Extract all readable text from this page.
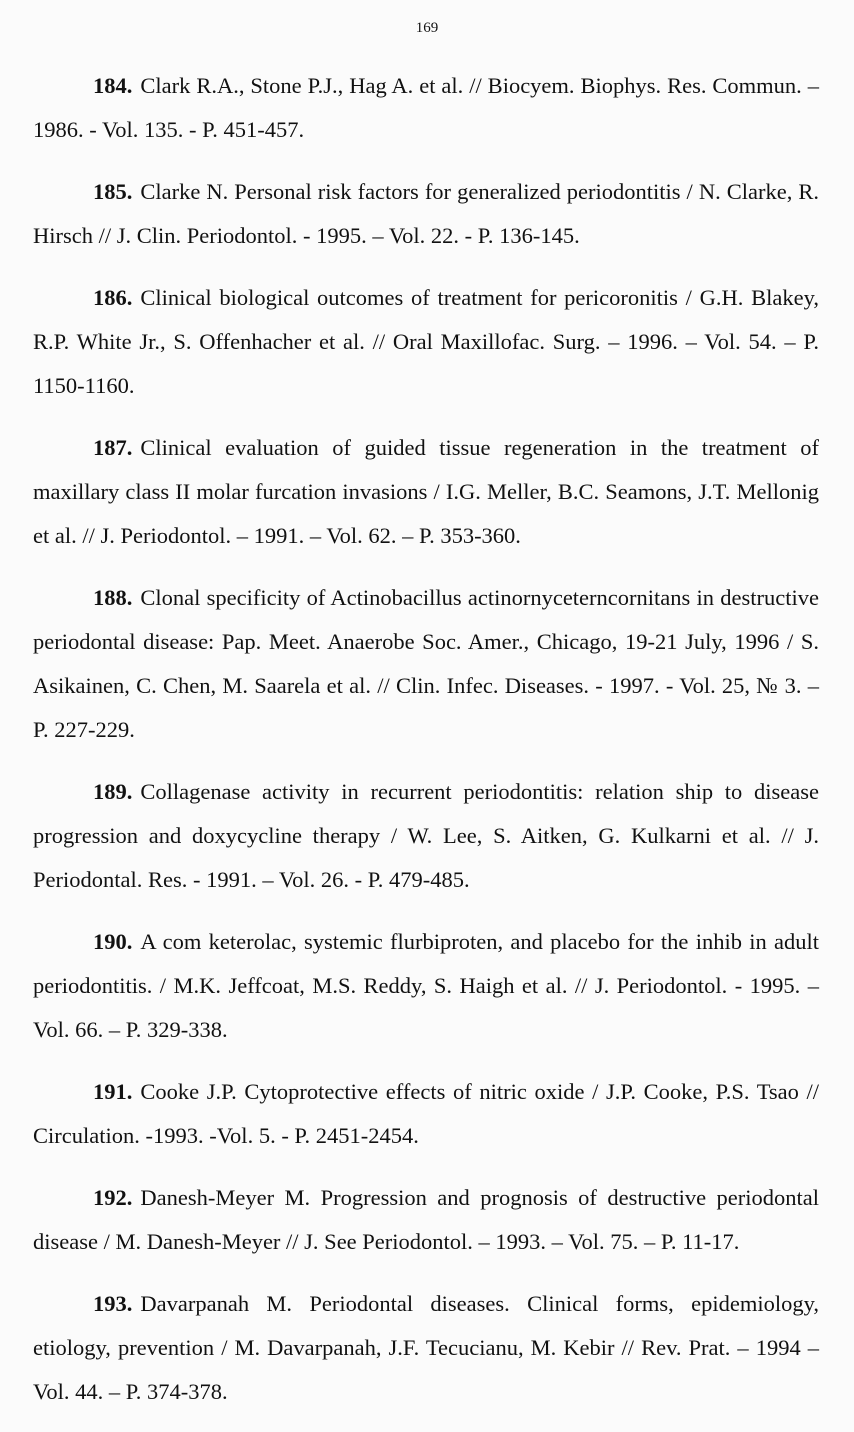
169

184. Clark R.A., Stone P.J., Hag A. et al. // Biocyem. Biophys. Res. Commun. – 1986. - Vol. 135. - P. 451-457.

185. Clarke N. Personal risk factors for generalized periodontitis / N. Clarke, R. Hirsch // J. Clin. Periodontol. - 1995. – Vol. 22. - P. 136-145.

186. Clinical biological outcomes of treatment for pericoronitis / G.H. Blakey, R.P. White Jr., S. Offenhacher et al. // Oral Maxillofac. Surg. – 1996. – Vol. 54. – P. 1150-1160.

187. Clinical evaluation of guided tissue regeneration in the treatment of maxillary class II molar furcation invasions / I.G. Meller, B.C. Seamons, J.T. Mellonig et al. // J. Periodontol. – 1991. – Vol. 62. – P. 353-360.

188. Clonal specificity of Actinobacillus actinornyceterncornitans in destructive periodontal disease: Pap. Meet. Anaerobe Soc. Amer., Chicago, 19-21 July, 1996 / S. Asikainen, C. Chen, M. Saarela et al. // Clin. Infec. Diseases. - 1997. - Vol. 25, № 3. – P. 227-229.

189. Collagenase activity in recurrent periodontitis: relation ship to disease progression and doxycycline therapy / W. Lee, S. Aitken, G. Kulkarni et al. // J. Periodontal. Res. - 1991. – Vol. 26. - P. 479-485.

190. A com keterolac, systemic flurbiproten, and placebo for the inhib in adult periodontitis. / M.K. Jeffcoat, M.S. Reddy, S. Haigh et al. // J. Periodontol. - 1995. – Vol. 66. – P. 329-338.

191. Cooke J.P. Cytoprotective effects of nitric oxide / J.P. Cooke, P.S. Tsao // Circulation. -1993. -Vol. 5. - P. 2451-2454.

192. Danesh-Meyer M. Progression and prognosis of destructive periodontal disease / M. Danesh-Meyer // J. See Periodontol. – 1993. – Vol. 75. – P. 11-17.

193. Davarpanah M. Periodontal diseases. Clinical forms, epidemiology, etiology, prevention / M. Davarpanah, J.F. Tecucianu, M. Kebir // Rev. Prat. – 1994 – Vol. 44. – P. 374-378.
